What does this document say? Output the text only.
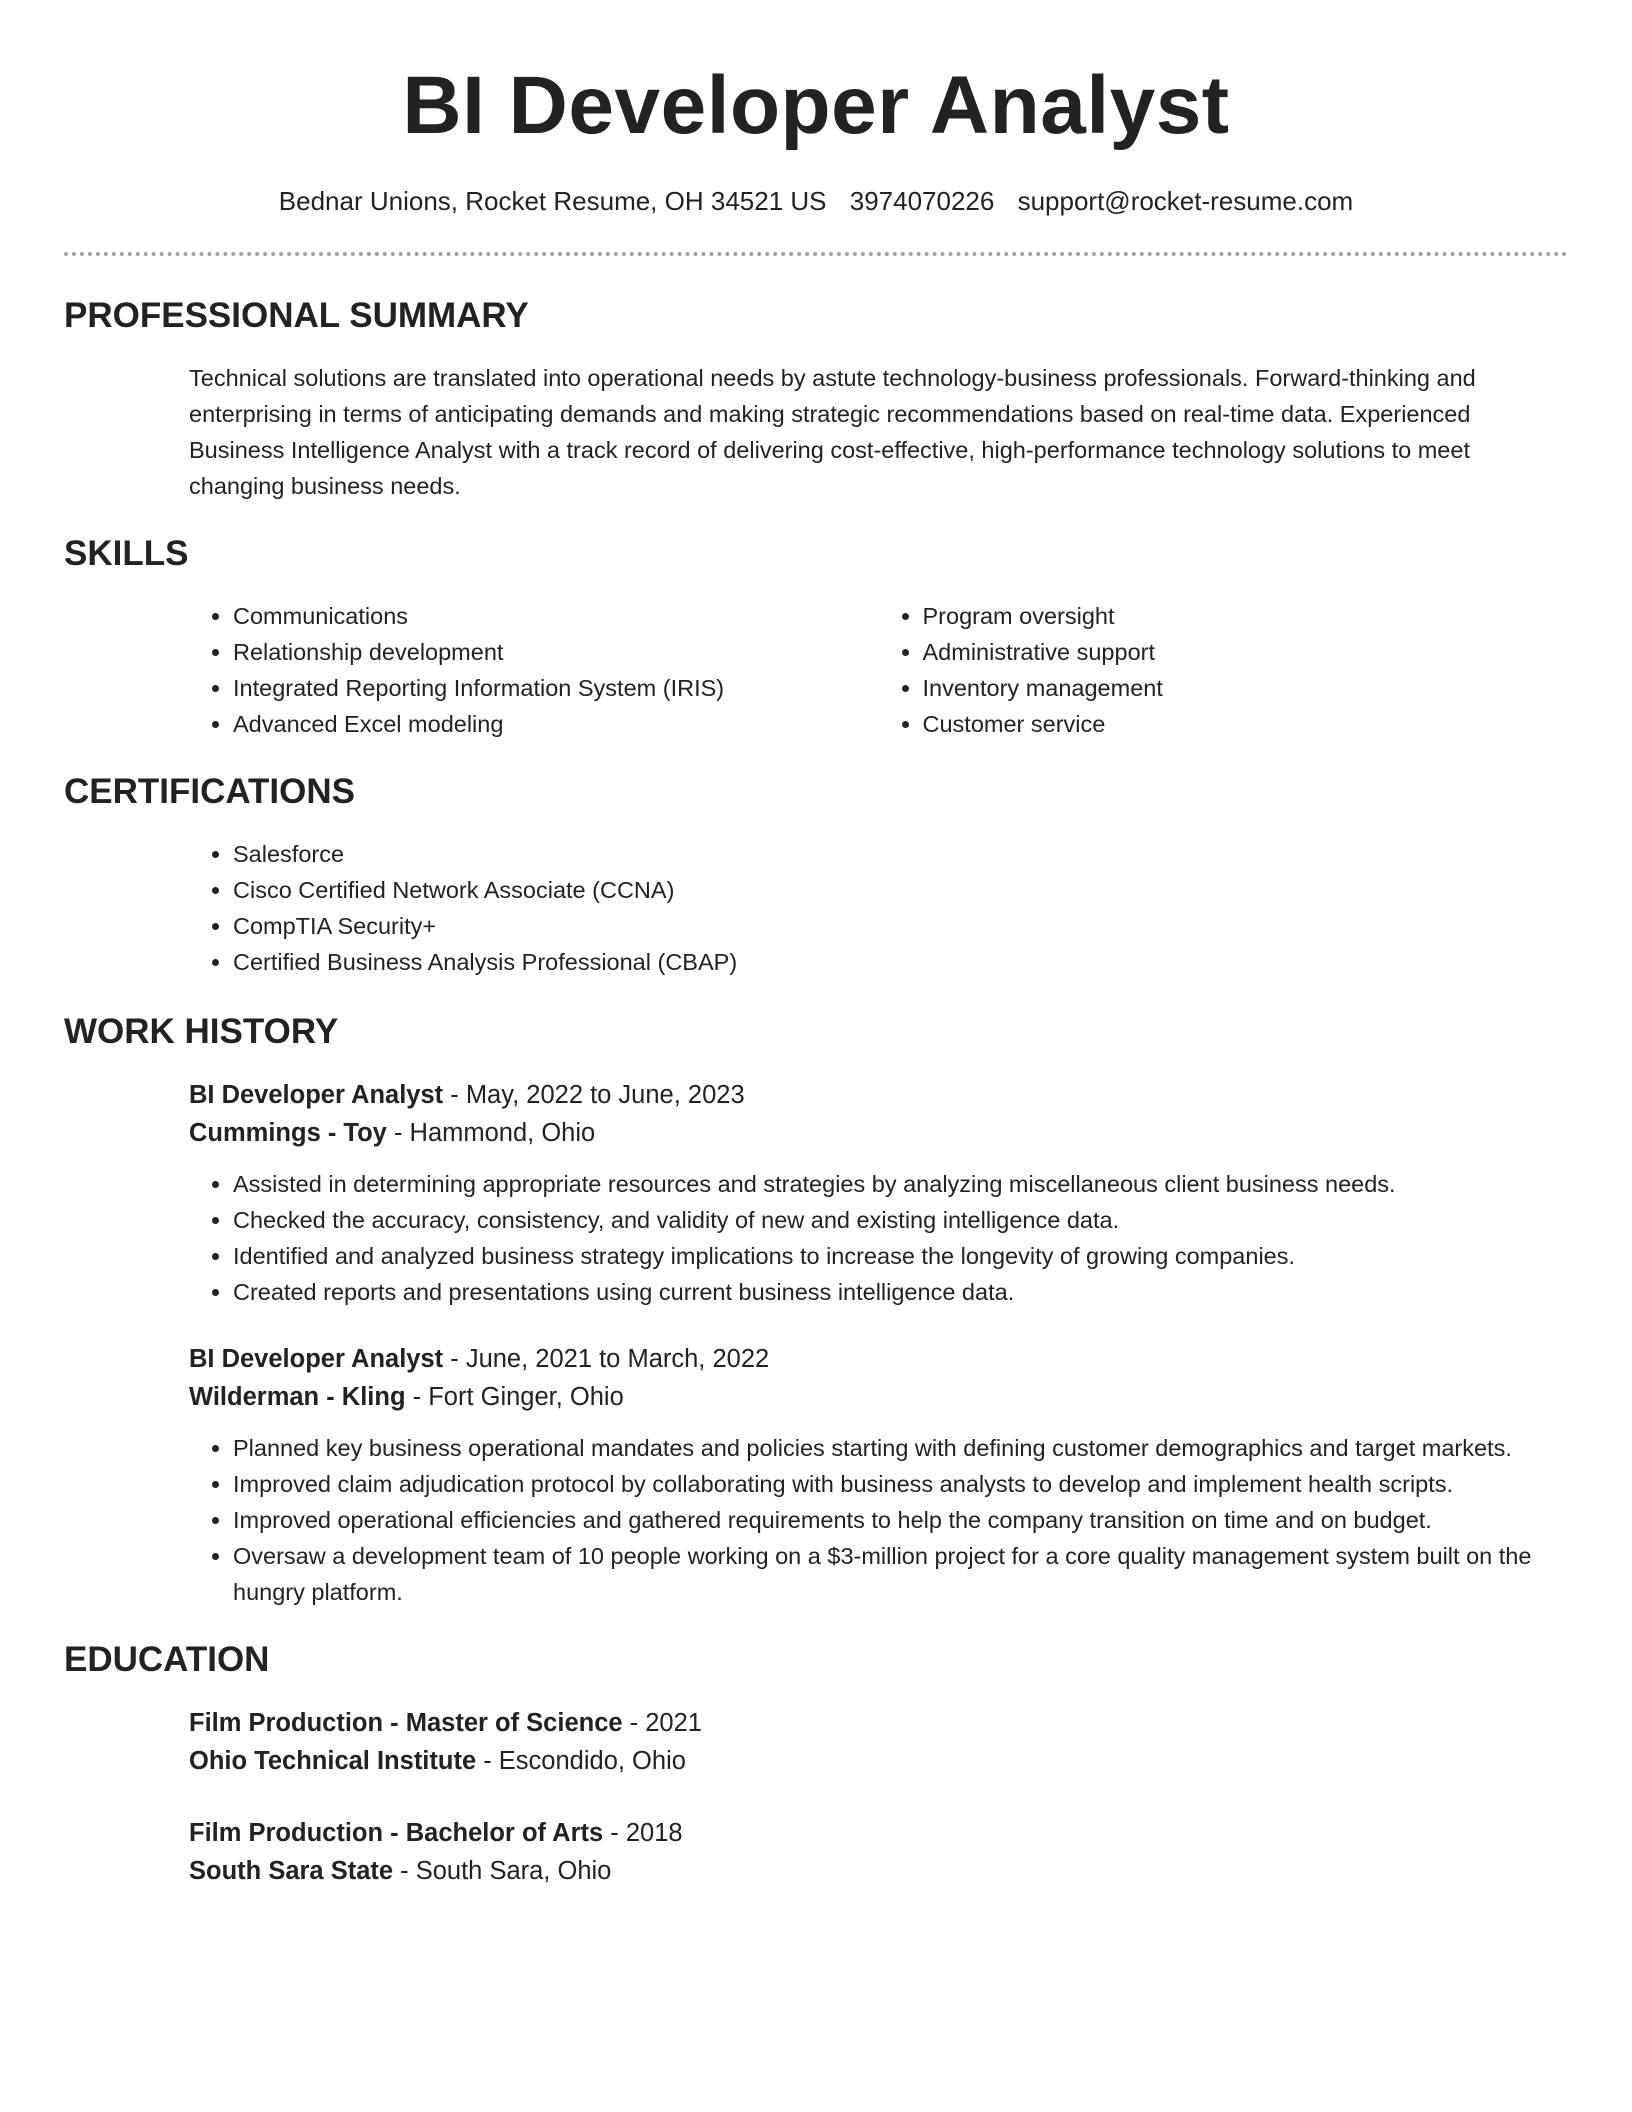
BI Developer Analyst
Bednar Unions, Rocket Resume, OH 34521 US 3974070226 support@rocket-resume.com
PROFESSIONAL SUMMARY

Technical solutions are translated into operational needs by astute technology-business professionals. Forward-thinking and enterprising in terms of anticipating demands and making strategic recommendations based on real-time data. Experienced Business Intelligence Analyst with a track record of delivering cost-effective, high-performance technology solutions to meet changing business needs.

SKILLS
• Communications
• Relationship development
• Integrated Reporting Information System (IRIS)
• Advanced Excel modeling
• Program oversight
• Administrative support
• Inventory management
• Customer service
CERTIFICATIONS
• Salesforce
• Cisco Certified Network Associate (CCNA)
• CompTIA Security+
• Certified Business Analysis Professional (CBAP)
WORK HISTORY
BI Developer Analyst - May, 2022 to June, 2023
Cummings - Toy - Hammond, Ohio
• Assisted in determining appropriate resources and strategies by analyzing miscellaneous client business needs.
• Checked the accuracy, consistency, and validity of new and existing intelligence data.
• Identified and analyzed business strategy implications to increase the longevity of growing companies.
• Created reports and presentations using current business intelligence data.
BI Developer Analyst - June, 2021 to March, 2022
Wilderman - Kling - Fort Ginger, Ohio
• Planned key business operational mandates and policies starting with defining customer demographics and target markets.
• Improved claim adjudication protocol by collaborating with business analysts to develop and implement health scripts.
• Improved operational efficiencies and gathered requirements to help the company transition on time and on budget.
• Oversaw a development team of 10 people working on a $3-million project for a core quality management system built on the hungry platform.
EDUCATION
Film Production - Master of Science - 2021
Ohio Technical Institute - Escondido, Ohio
Film Production - Bachelor of Arts - 2018
South Sara State - South Sara, Ohio
